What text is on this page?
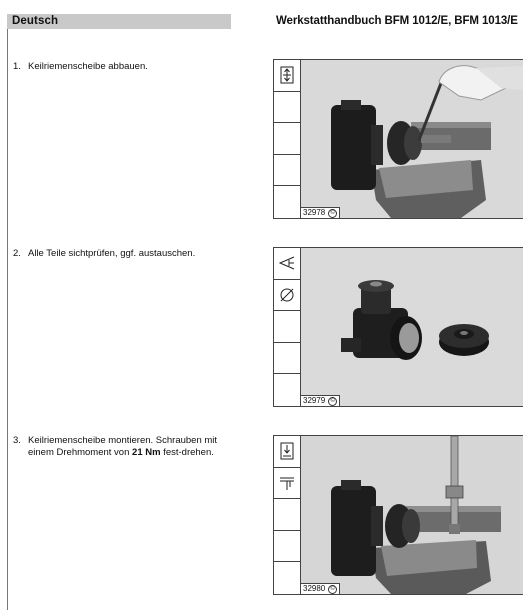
Deutsch	Werkstatthandbuch BFM 1012/E, BFM 1013/E
1. Keilriemenscheibe abbauen.
2. Alle Teile sichtprüfen, ggf. austauschen.
3. Keilriemenscheibe montieren. Schrauben mit einem Drehmoment von 21 Nm fest-drehen.
32978 ©
32979 ©
32980 ©
